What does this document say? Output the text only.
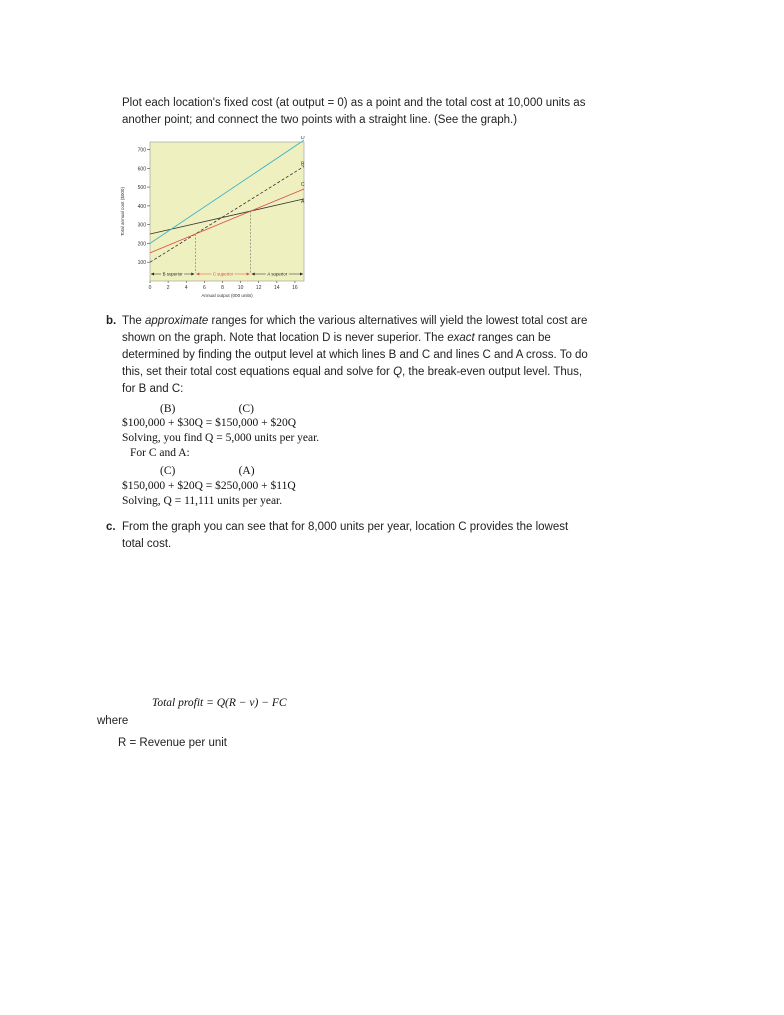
Plot each location's fixed cost (at output = 0) as a point and the total cost at 10,000 units as

another point; and connect the two points with a straight line. (See the graph.)

100
200
300
400
500
600
700
0	2	4	6	8	10	12	14	16
Total annual cost ($000)
Annual output (000 units)
A
B
C
D
B superior	C superior	A superior
b. The approximate ranges for which the various alternatives will yield the lowest total cost are

shown on the graph. Note that location D is never superior. The exact ranges can be

determined by finding the output level at which lines B and C and lines C and A cross. To do

this, set their total cost equations equal and solve for Q, the break-even output level. Thus,

for B and C:

(B)                      (C)

$100,000 + $30Q = $150,000 + $20Q

Solving, you find Q = 5,000 units per year.

For C and A:

(C)                      (A)

$150,000 + $20Q = $250,000 + $11Q

Solving, Q = 11,111 units per year.

c. From the graph you can see that for 8,000 units per year, location C provides the lowest

total cost.

Total profit = Q(R − v) − FC

where

R = Revenue per unit
